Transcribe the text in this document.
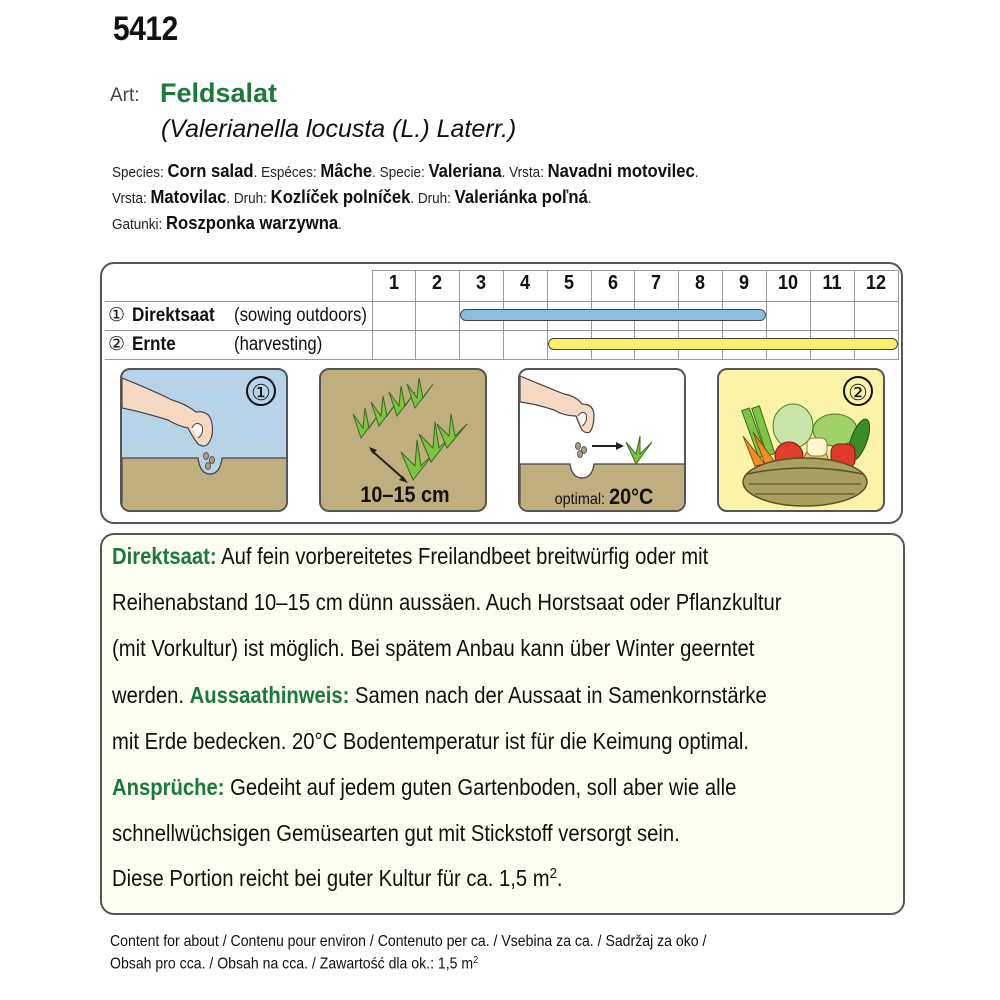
5412
Art: Feldsalat
(Valerianella locusta (L.) Laterr.)
Species: Corn salad. Espéces: Mâche. Specie: Valeriana. Vrsta: Navadni motovilec.
Vrsta: Matovilac. Druh: Kozlíček polníček. Druh: Valeriánka poľná.
Gatunki: Roszponka warzywna.
1	2	3	4	5	6	7	8	9	10	11	12
① Direktsaat (sowing outdoors)
② Ernte	(harvesting)
①
10–15 cm	optimal: 20°C
②
Direktsaat: Auf fein vorbereitetes Freilandbeet breitwürfig oder mit
Reihenabstand 10–15 cm dünn aussäen. Auch Horstsaat oder Pflanzkultur
(mit Vorkultur) ist möglich. Bei spätem Anbau kann über Winter geerntet
werden. Aussaathinweis: Samen nach der Aussaat in Samenkornstärke
mit Erde bedecken. 20°C Bodentemperatur ist für die Keimung optimal.
Ansprüche: Gedeiht auf jedem guten Gartenboden, soll aber wie alle
schnellwüchsigen Gemüsearten gut mit Stickstoff versorgt sein.
Diese Portion reicht bei guter Kultur für ca. 1,5 $m^2$.
Content for about / Contenu pour environ / Contenuto per ca. / Vsebina za ca. / Sadržaj za oko /
Obsah pro cca. / Obsah na cca. / Zawartość dla ok.: 1,5 $m^2$
